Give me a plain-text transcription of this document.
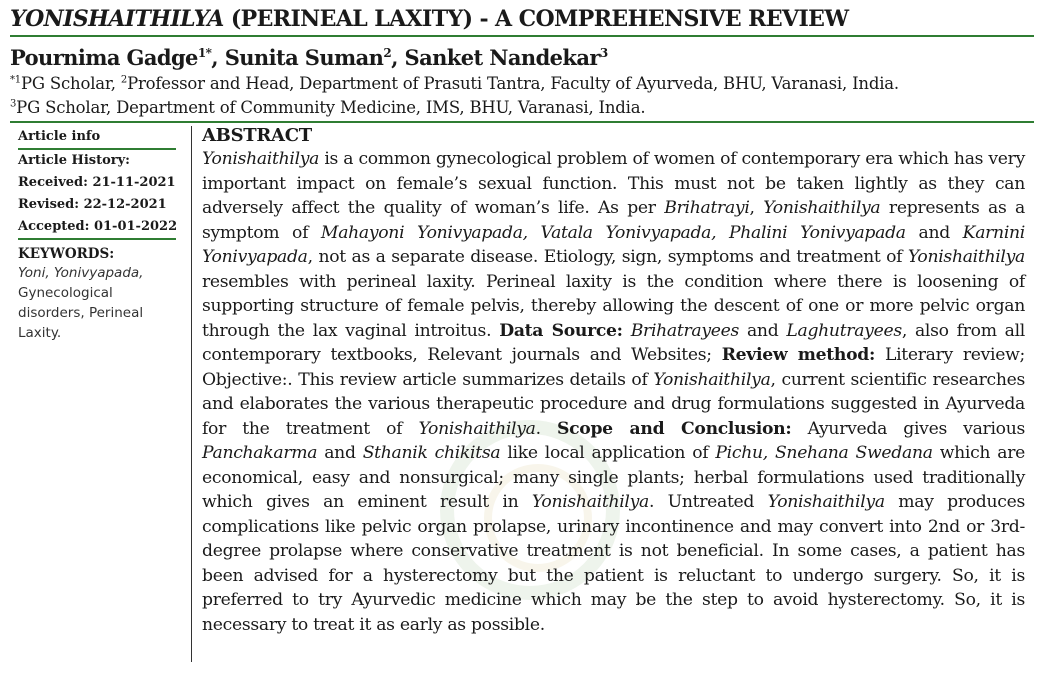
YONISHAITHILYA (PERINEAL LAXITY) - A COMPREHENSIVE REVIEW
Pournima Gadge$^{1*}$, Sunita Suman$^2$, Sanket Nandekar$^3$
$^{*1}$PG Scholar, $^2$Professor and Head, Department of Prasuti Tantra, Faculty of Ayurveda, BHU, Varanasi, India.
$^3$PG Scholar, Department of Community Medicine, IMS, BHU, Varanasi, India.
Article info
Article History:
Received: 21-11-2021
Revised: 22-12-2021
Accepted: 01-01-2022
KEYWORDS:
Yoni, Yonivyapada, Gynecological disorders, Perineal Laxity.
ABSTRACT
Yonishaithilya is a common gynecological problem of women of contemporary era which has very important impact on female’s sexual function. This must not be taken lightly as they can adversely affect the quality of woman’s life. As per Brihatrayi, Yonishaithilya represents as a symptom of Mahayoni Yonivyapada, Vatala Yonivyapada, Phalini Yonivyapada and Karnini Yonivyapada, not as a separate disease. Etiology, sign, symptoms and treatment of Yonishaithilya resembles with perineal laxity. Perineal laxity is the condition where there is loosening of supporting structure of female pelvis, thereby allowing the descent of one or more pelvic organ through the lax vaginal introitus. Data Source: Brihatrayees and Laghutrayees, also from all contemporary textbooks, Relevant journals and Websites; Review method: Literary review; Objective:. This review article summarizes details of Yonishaithilya, current scientific researches and elaborates the various therapeutic procedure and drug formulations suggested in Ayurveda for the treatment of Yonishaithilya. Scope and Conclusion: Ayurveda gives various Panchakarma and Sthanik chikitsa like local application of Pichu, Snehana Swedana which are economical, easy and nonsurgical; many single plants; herbal formulations used traditionally which gives an eminent result in Yonishaithilya. Untreated Yonishaithilya may produces complications like pelvic organ prolapse, urinary incontinence and may convert into 2nd or 3rd-degree prolapse where conservative treatment is not beneficial. In some cases, a patient has been advised for a hysterectomy but the patient is reluctant to undergo surgery. So, it is preferred to try Ayurvedic medicine which may be the step to avoid hysterectomy. So, it is necessary to treat it as early as possible.
